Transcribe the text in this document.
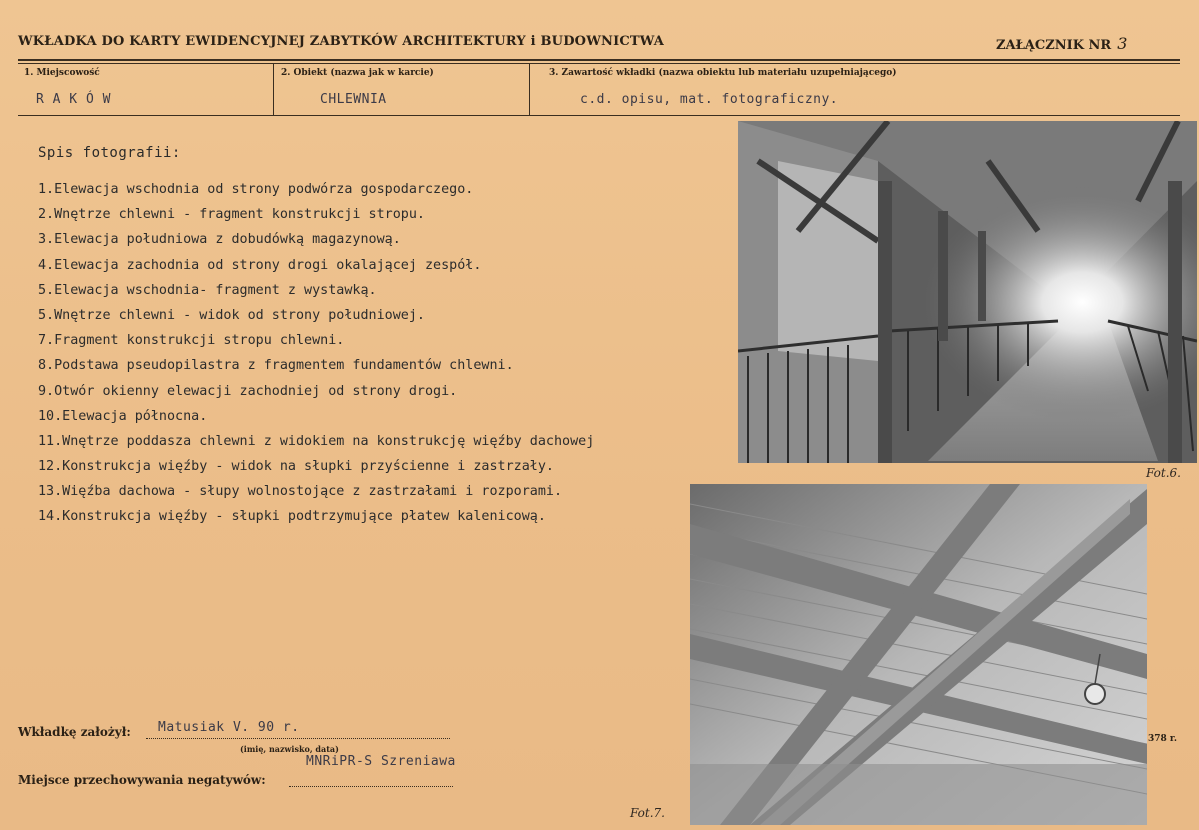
WKŁADKA DO KARTY EWIDENCYJNEJ ZABYTKÓW ARCHITEKTURY i BUDOWNICTWA	ZAŁĄCZNIK NR 3
1. Miejscowość
R A K Ó W
2. Obiekt (nazwa jak w karcie)
CHLEWNIA
3. Zawartość wkładki (nazwa obiektu lub materiału uzupełniającego)
c.d. opisu, mat. fotograficzny.
Spis fotografii:
1.Elewacja wschodnia od strony podwórza gospodarczego.
2.Wnętrze chlewni - fragment konstrukcji stropu.
3.Elewacja południowa z dobudówką magazynową.
4.Elewacja zachodnia od strony drogi okalającej zespół.
5.Elewacja wschodnia- fragment z wystawką.
5.Wnętrze chlewni - widok od strony południowej.
7.Fragment konstrukcji stropu chlewni.
8.Podstawa pseudopilastra z fragmentem fundamentów chlewni.
9.Otwór okienny elewacji zachodniej od strony drogi.
10.Elewacja północna.
11.Wnętrze poddasza chlewni z widokiem na konstrukcję więźby dachowej
12.Konstrukcja więźby - widok na słupki przyścienne i zastrzały.
13.Więźba dachowa - słupy wolnostojące z zastrzałami i rozporami.
14.Konstrukcja więźby - słupki podtrzymujące płatew kalenicową.
Fot.6.
Fot.7.
378 r.
Wkładkę założył: Matusiak V. 90 r.
(imię, nazwisko, data)
Miejsce przechowywania negatywów:
MNRiPR-S Szreniawa
